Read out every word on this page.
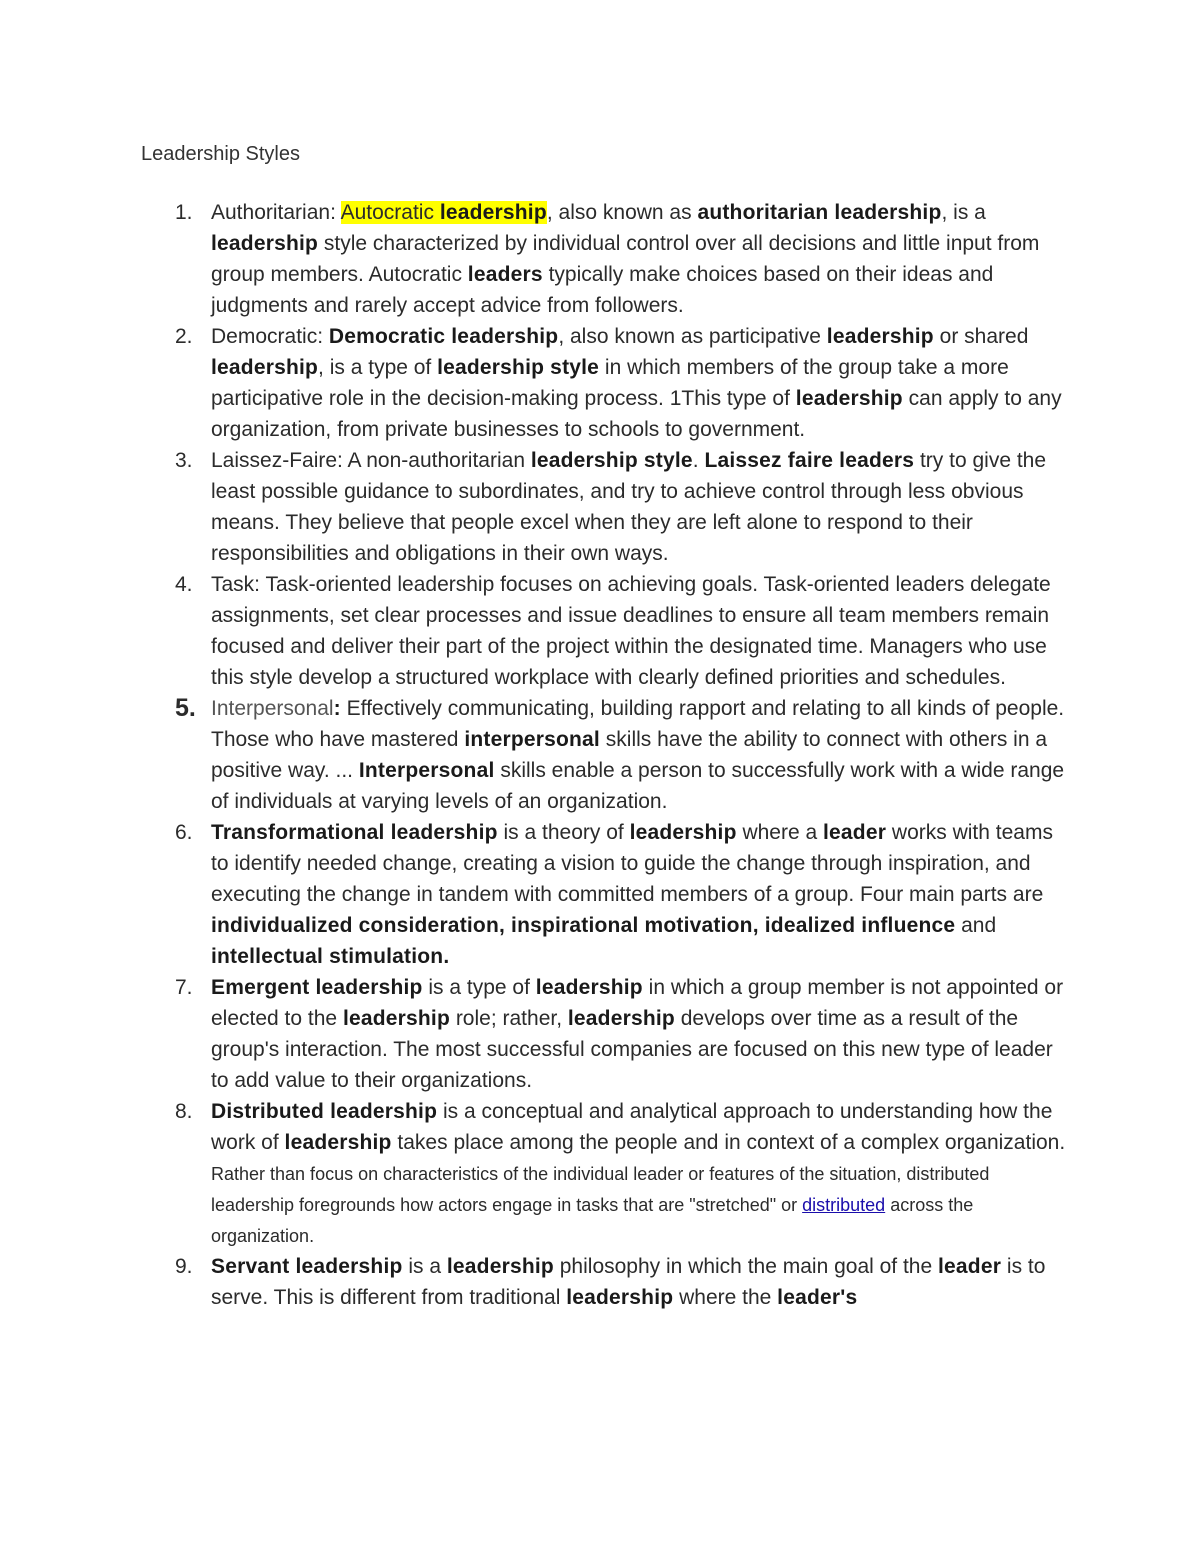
Leadership Styles
1. Authoritarian: Autocratic leadership, also known as authoritarian leadership, is a leadership style characterized by individual control over all decisions and little input from group members. Autocratic leaders typically make choices based on their ideas and judgments and rarely accept advice from followers.
2. Democratic: Democratic leadership, also known as participative leadership or shared leadership, is a type of leadership style in which members of the group take a more participative role in the decision-making process. 1This type of leadership can apply to any organization, from private businesses to schools to government.
3. Laissez-Faire: A non-authoritarian leadership style. Laissez faire leaders try to give the least possible guidance to subordinates, and try to achieve control through less obvious means. They believe that people excel when they are left alone to respond to their responsibilities and obligations in their own ways.
4. Task: Task-oriented leadership focuses on achieving goals. Task-oriented leaders delegate assignments, set clear processes and issue deadlines to ensure all team members remain focused and deliver their part of the project within the designated time. Managers who use this style develop a structured workplace with clearly defined priorities and schedules.
5. Interpersonal: Effectively communicating, building rapport and relating to all kinds of people. Those who have mastered interpersonal skills have the ability to connect with others in a positive way. ... Interpersonal skills enable a person to successfully work with a wide range of individuals at varying levels of an organization.
6. Transformational leadership is a theory of leadership where a leader works with teams to identify needed change, creating a vision to guide the change through inspiration, and executing the change in tandem with committed members of a group. Four main parts are individualized consideration, inspirational motivation, idealized influence and intellectual stimulation.
7. Emergent leadership is a type of leadership in which a group member is not appointed or elected to the leadership role; rather, leadership develops over time as a result of the group's interaction. The most successful companies are focused on this new type of leader to add value to their organizations.
8. Distributed leadership is a conceptual and analytical approach to understanding how the work of leadership takes place among the people and in context of a complex organization. Rather than focus on characteristics of the individual leader or features of the situation, distributed leadership foregrounds how actors engage in tasks that are "stretched" or distributed across the organization.
9. Servant leadership is a leadership philosophy in which the main goal of the leader is to serve. This is different from traditional leadership where the leader's
